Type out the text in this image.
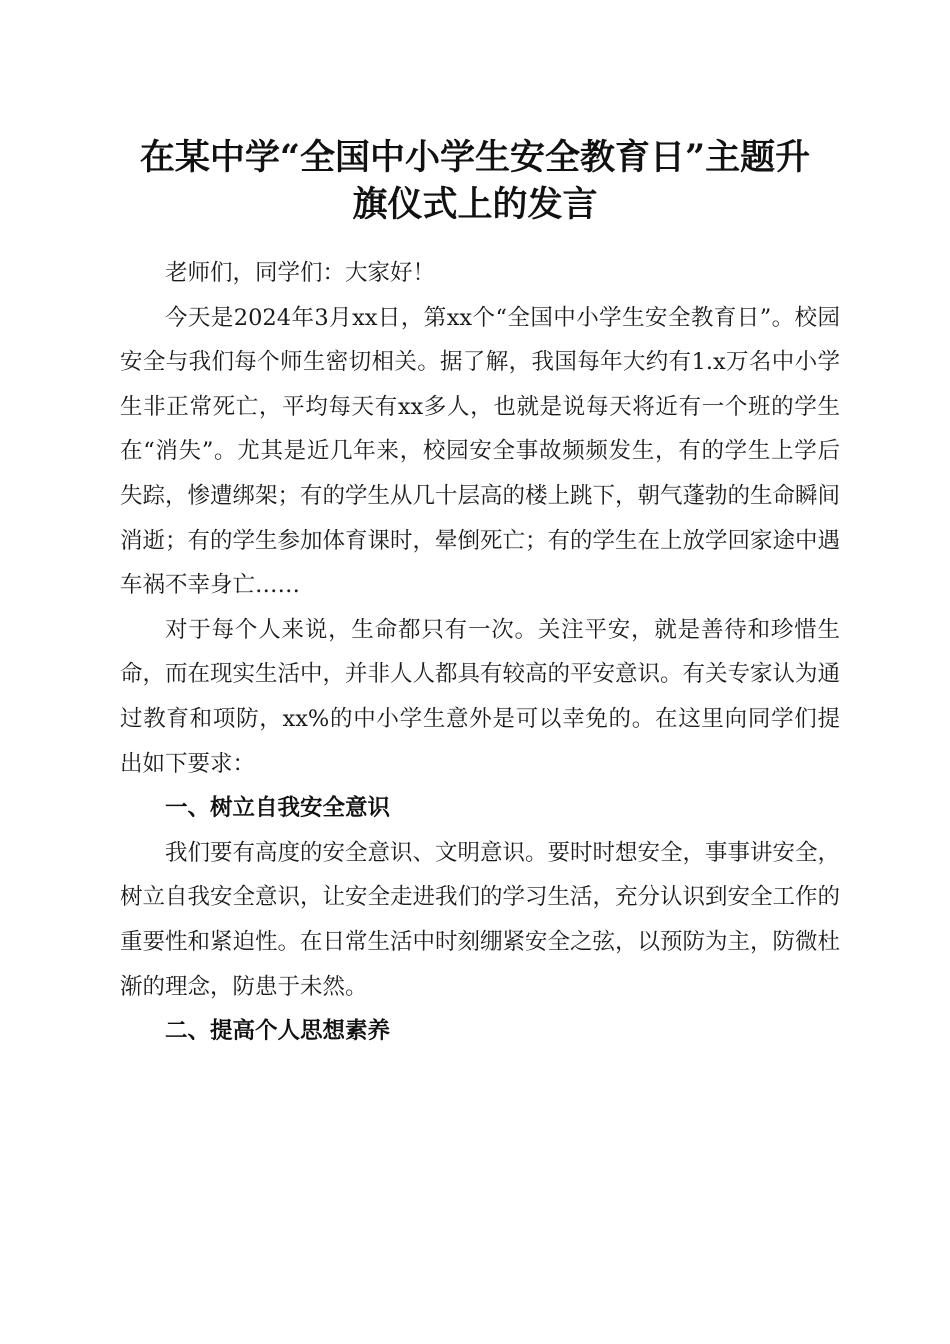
在某中学“全国中小学生安全教育日”主题升
旗仪式上的发言

老师们，同学们：大家好！

今天是2024年3月xx日，第xx个“全国中小学生安全教育日”。校园安全与我们每个师生密切相关。据了解，我国每年大约有1.x万名中小学生非正常死亡，平均每天有xx多人，也就是说每天将近有一个班的学生在“消失”。尤其是近几年来，校园安全事故频频发生，有的学生上学后失踪，惨遭绑架；有的学生从几十层高的楼上跳下，朝气蓬勃的生命瞬间消逝；有的学生参加体育课时，晕倒死亡；有的学生在上放学回家途中遇车祸不幸身亡……

对于每个人来说，生命都只有一次。关注平安，就是善待和珍惜生命，而在现实生活中，并非人人都具有较高的平安意识。有关专家认为通过教育和项防，xx%的中小学生意外是可以幸免的。在这里向同学们提出如下要求：

一、树立自我安全意识

我们要有高度的安全意识、文明意识。要时时想安全，事事讲安全，树立自我安全意识，让安全走进我们的学习生活，充分认识到安全工作的重要性和紧迫性。在日常生活中时刻绷紧安全之弦，以预防为主，防微杜渐的理念，防患于未然。

二、提高个人思想素养
